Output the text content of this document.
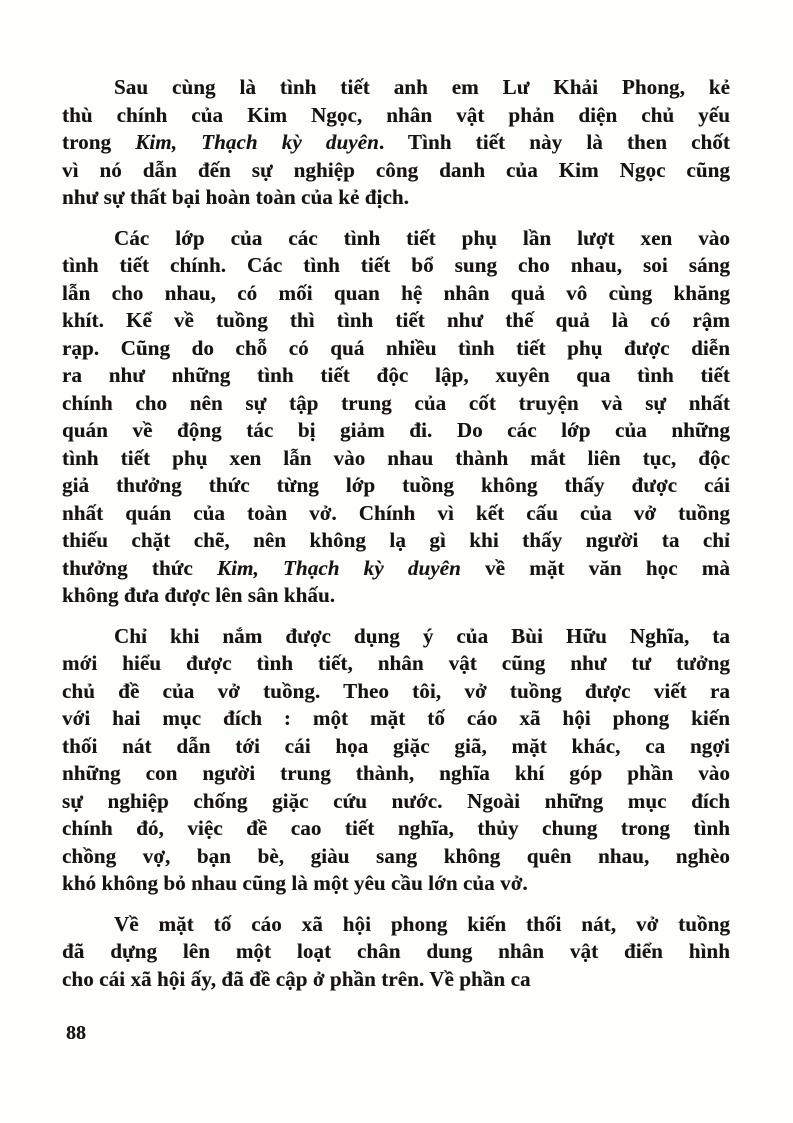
Sau cùng là tình tiết anh em Lư Khải Phong, kẻ
thù chính của Kim Ngọc, nhân vật phản diện chủ yếu
trong Kim, Thạch kỳ duyên. Tình tiết này là then chốt
vì nó dẫn đến sự nghiệp công danh của Kim Ngọc cũng
như sự thất bại hoàn toàn của kẻ địch.
Các lớp của các tình tiết phụ lần lượt xen vào
tình tiết chính. Các tình tiết bổ sung cho nhau, soi sáng
lẫn cho nhau, có mối quan hệ nhân quả vô cùng khăng
khít. Kể về tuồng thì tình tiết như thế quả là có rậm
rạp. Cũng do chỗ có quá nhiều tình tiết phụ được diễn
ra như những tình tiết độc lập, xuyên qua tình tiết
chính cho nên sự tập trung của cốt truyện và sự nhất
quán về động tác bị giảm đi. Do các lớp của những
tình tiết phụ xen lẫn vào nhau thành mắt liên tục, độc
giả thưởng thức từng lớp tuồng không thấy được cái
nhất quán của toàn vở. Chính vì kết cấu của vở tuồng
thiếu chặt chẽ, nên không lạ gì khi thấy người ta chỉ
thưởng thức Kim, Thạch kỳ duyên về mặt văn học mà
không đưa được lên sân khấu.
Chỉ khi nắm được dụng ý của Bùi Hữu Nghĩa, ta
mới hiểu được tình tiết, nhân vật cũng như tư tưởng
chủ đề của vở tuồng. Theo tôi, vở tuồng được viết ra
với hai mục đích : một mặt tố cáo xã hội phong kiến
thối nát dẫn tới cái họa giặc giã, mặt khác, ca ngợi
những con người trung thành, nghĩa khí góp phần vào
sự nghiệp chống giặc cứu nước. Ngoài những mục đích
chính đó, việc đề cao tiết nghĩa, thủy chung trong tình
chồng vợ, bạn bè, giàu sang không quên nhau, nghèo
khó không bỏ nhau cũng là một yêu cầu lớn của vở.
Về mặt tố cáo xã hội phong kiến thối nát, vở tuồng
đã dựng lên một loạt chân dung nhân vật điển hình
cho cái xã hội ấy, đã đề cập ở phần trên. Về phần ca
88
